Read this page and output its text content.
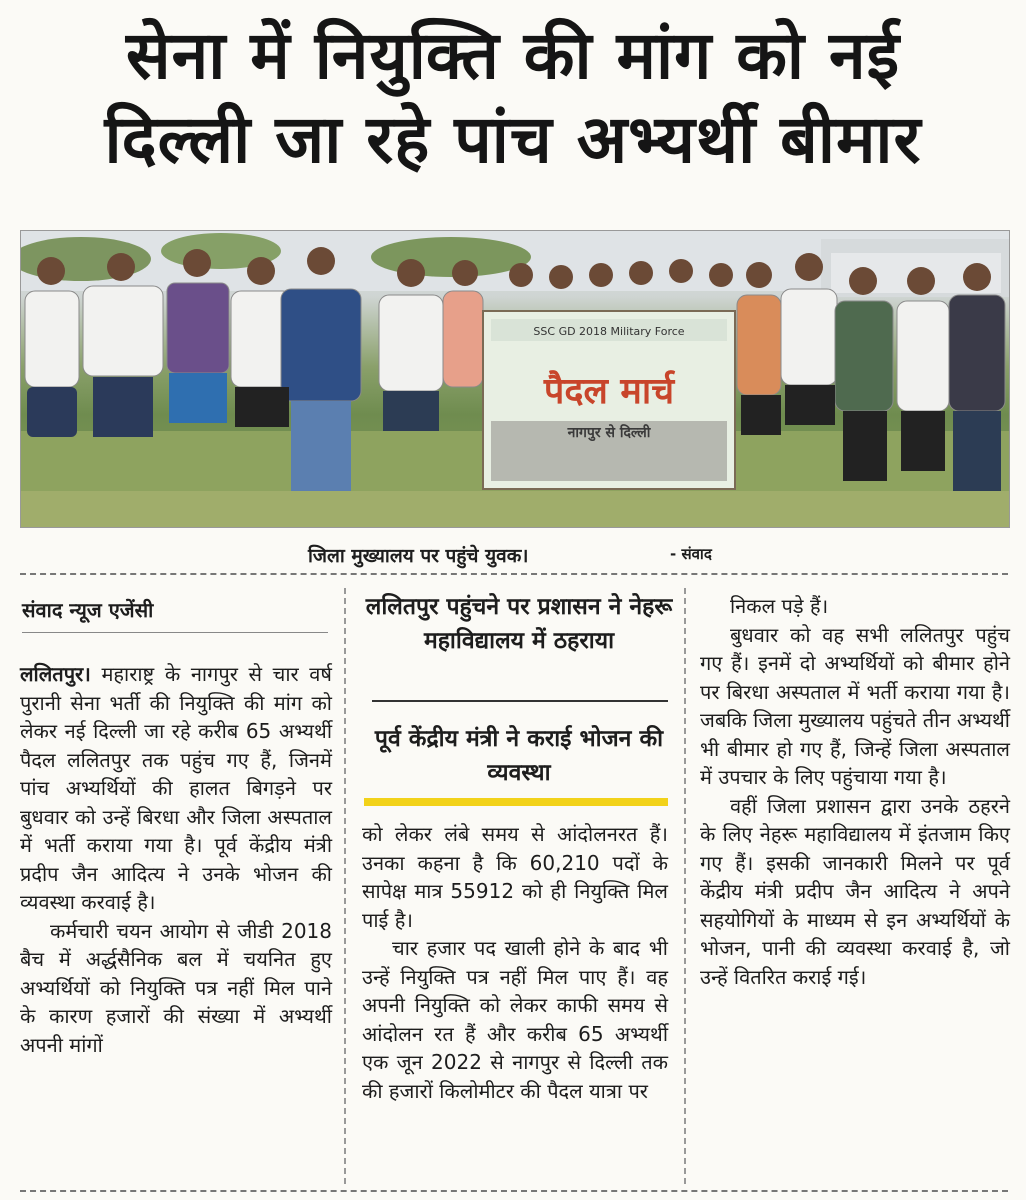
सेना में नियुक्ति की मांग को नई
दिल्ली जा रहे पांच अभ्यर्थी बीमार
SSC GD 2018 Military Force
पैदल मार्च
नागपुर से दिल्ली
जिला मुख्यालय पर पहुंचे युवक।	- संवाद
संवाद न्यूज एजेंसी

ललितपुर। महाराष्ट्र के नागपुर से चार वर्ष पुरानी सेना भर्ती की नियुक्ति की मांग को लेकर नई दिल्ली जा रहे करीब 65 अभ्यर्थी पैदल ललितपुर तक पहुंच गए हैं, जिनमें पांच अभ्यर्थियों की हालत बिगड़ने पर बुधवार को उन्हें बिरधा और जिला अस्पताल में भर्ती कराया गया है। पूर्व केंद्रीय मंत्री प्रदीप जैन आदित्य ने उनके भोजन की व्यवस्था करवाई है।

कर्मचारी चयन आयोग से जीडी 2018 बैच में अर्द्धसैनिक बल में चयनित हुए अभ्यर्थियों को नियुक्ति पत्र नहीं मिल पाने के कारण हजारों की संख्या में अभ्यर्थी अपनी मांगों

ललितपुर पहुंचने पर प्रशासन ने नेहरू महाविद्यालय में ठहराया
पूर्व केंद्रीय मंत्री ने कराई भोजन की व्यवस्था

को लेकर लंबे समय से आंदोलनरत हैं। उनका कहना है कि 60,210 पदों के सापेक्ष मात्र 55912 को ही नियुक्ति मिल पाई है।

चार हजार पद खाली होने के बाद भी उन्हें नियुक्ति पत्र नहीं मिल पाए हैं। वह अपनी नियुक्ति को लेकर काफी समय से आंदोलन रत हैं और करीब 65 अभ्यर्थी एक जून 2022 से नागपुर से दिल्ली तक की हजारों किलोमीटर की पैदल यात्रा पर

निकल पड़े हैं।

बुधवार को वह सभी ललितपुर पहुंच गए हैं। इनमें दो अभ्यर्थियों को बीमार होने पर बिरधा अस्पताल में भर्ती कराया गया है। जबकि जिला मुख्यालय पहुंचते तीन अभ्यर्थी भी बीमार हो गए हैं, जिन्हें जिला अस्पताल में उपचार के लिए पहुंचाया गया है।

वहीं जिला प्रशासन द्वारा उनके ठहरने के लिए नेहरू महाविद्यालय में इंतजाम किए गए हैं। इसकी जानकारी मिलने पर पूर्व केंद्रीय मंत्री प्रदीप जैन आदित्य ने अपने सहयोगियों के माध्यम से इन अभ्यर्थियों के भोजन, पानी की व्यवस्था करवाई है, जो उन्हें वितरित कराई गई।
